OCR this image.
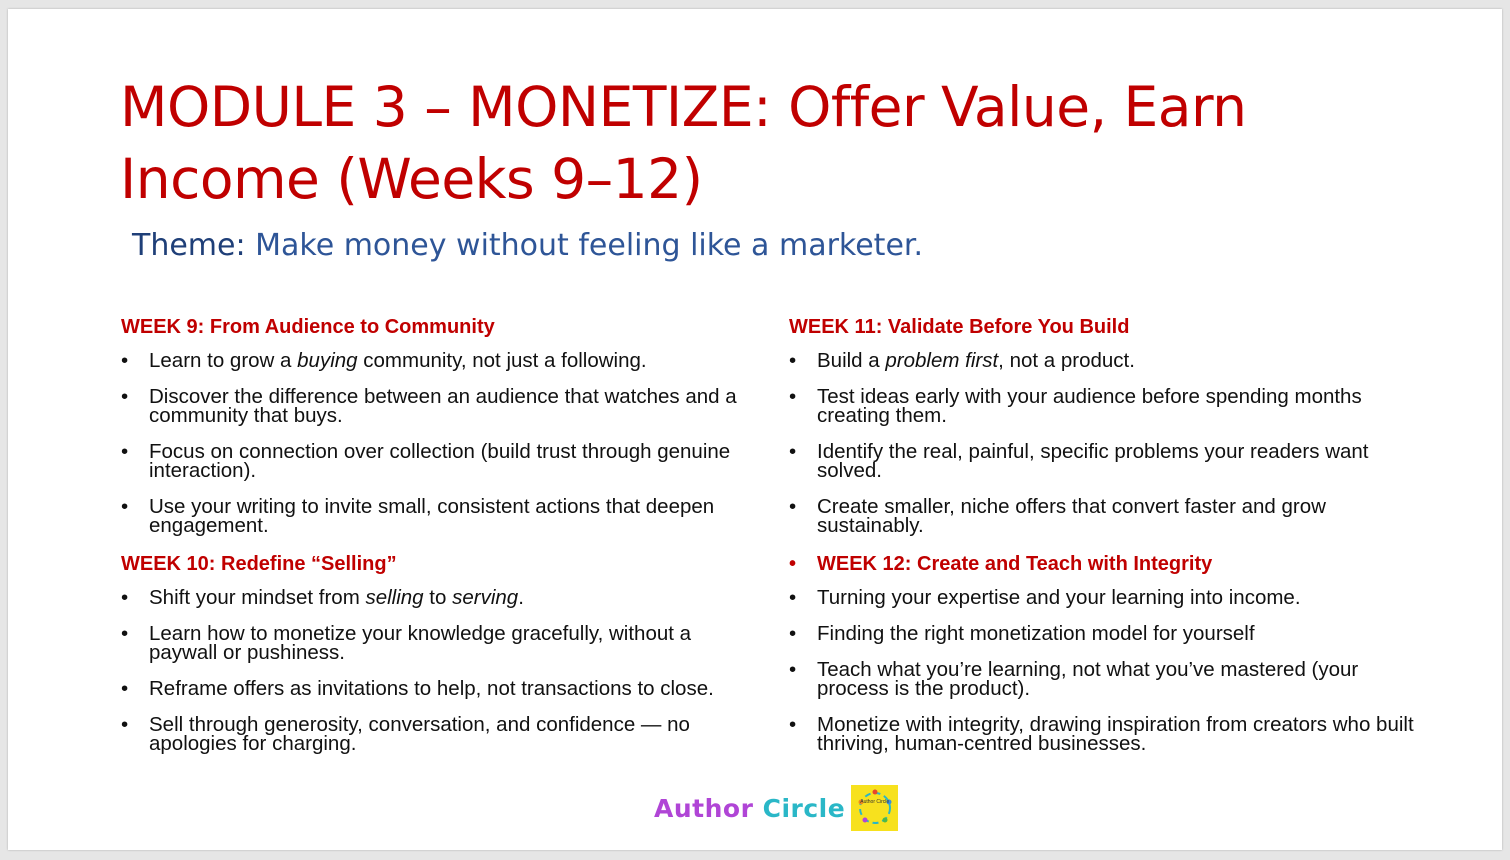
MODULE 3 – MONETIZE: Offer Value, Earn Income (Weeks 9–12)
Theme: Make money without feeling like a marketer.
WEEK 9: From Audience to Community
•	Learn to grow a buying community, not just a following.
•	Discover the difference between an audience that watches and a community that buys.
•	Focus on connection over collection (build trust through genuine interaction).
•	Use your writing to invite small, consistent actions that deepen engagement.
WEEK 10: Redefine “Selling”
•	Shift your mindset from selling to serving.
•	Learn how to monetize your knowledge gracefully, without a paywall or pushiness.
•	Reframe offers as invitations to help, not transactions to close.
•	Sell through generosity, conversation, and confidence — no apologies for charging.
WEEK 11: Validate Before You Build
•	Build a problem first, not a product.
•	Test ideas early with your audience before spending months creating them.
•	Identify the real, painful, specific problems your readers want solved.
•	Create smaller, niche offers that convert faster and grow sustainably.
•	WEEK 12: Create and Teach with Integrity
•	Turning your expertise and your learning into income.
•	Finding the right monetization model for yourself
•	Teach what you’re learning, not what you’ve mastered (your process is the product).
•	Monetize with integrity, drawing inspiration from creators who built thriving, human-centred businesses.
Author Circle	Author Circle
